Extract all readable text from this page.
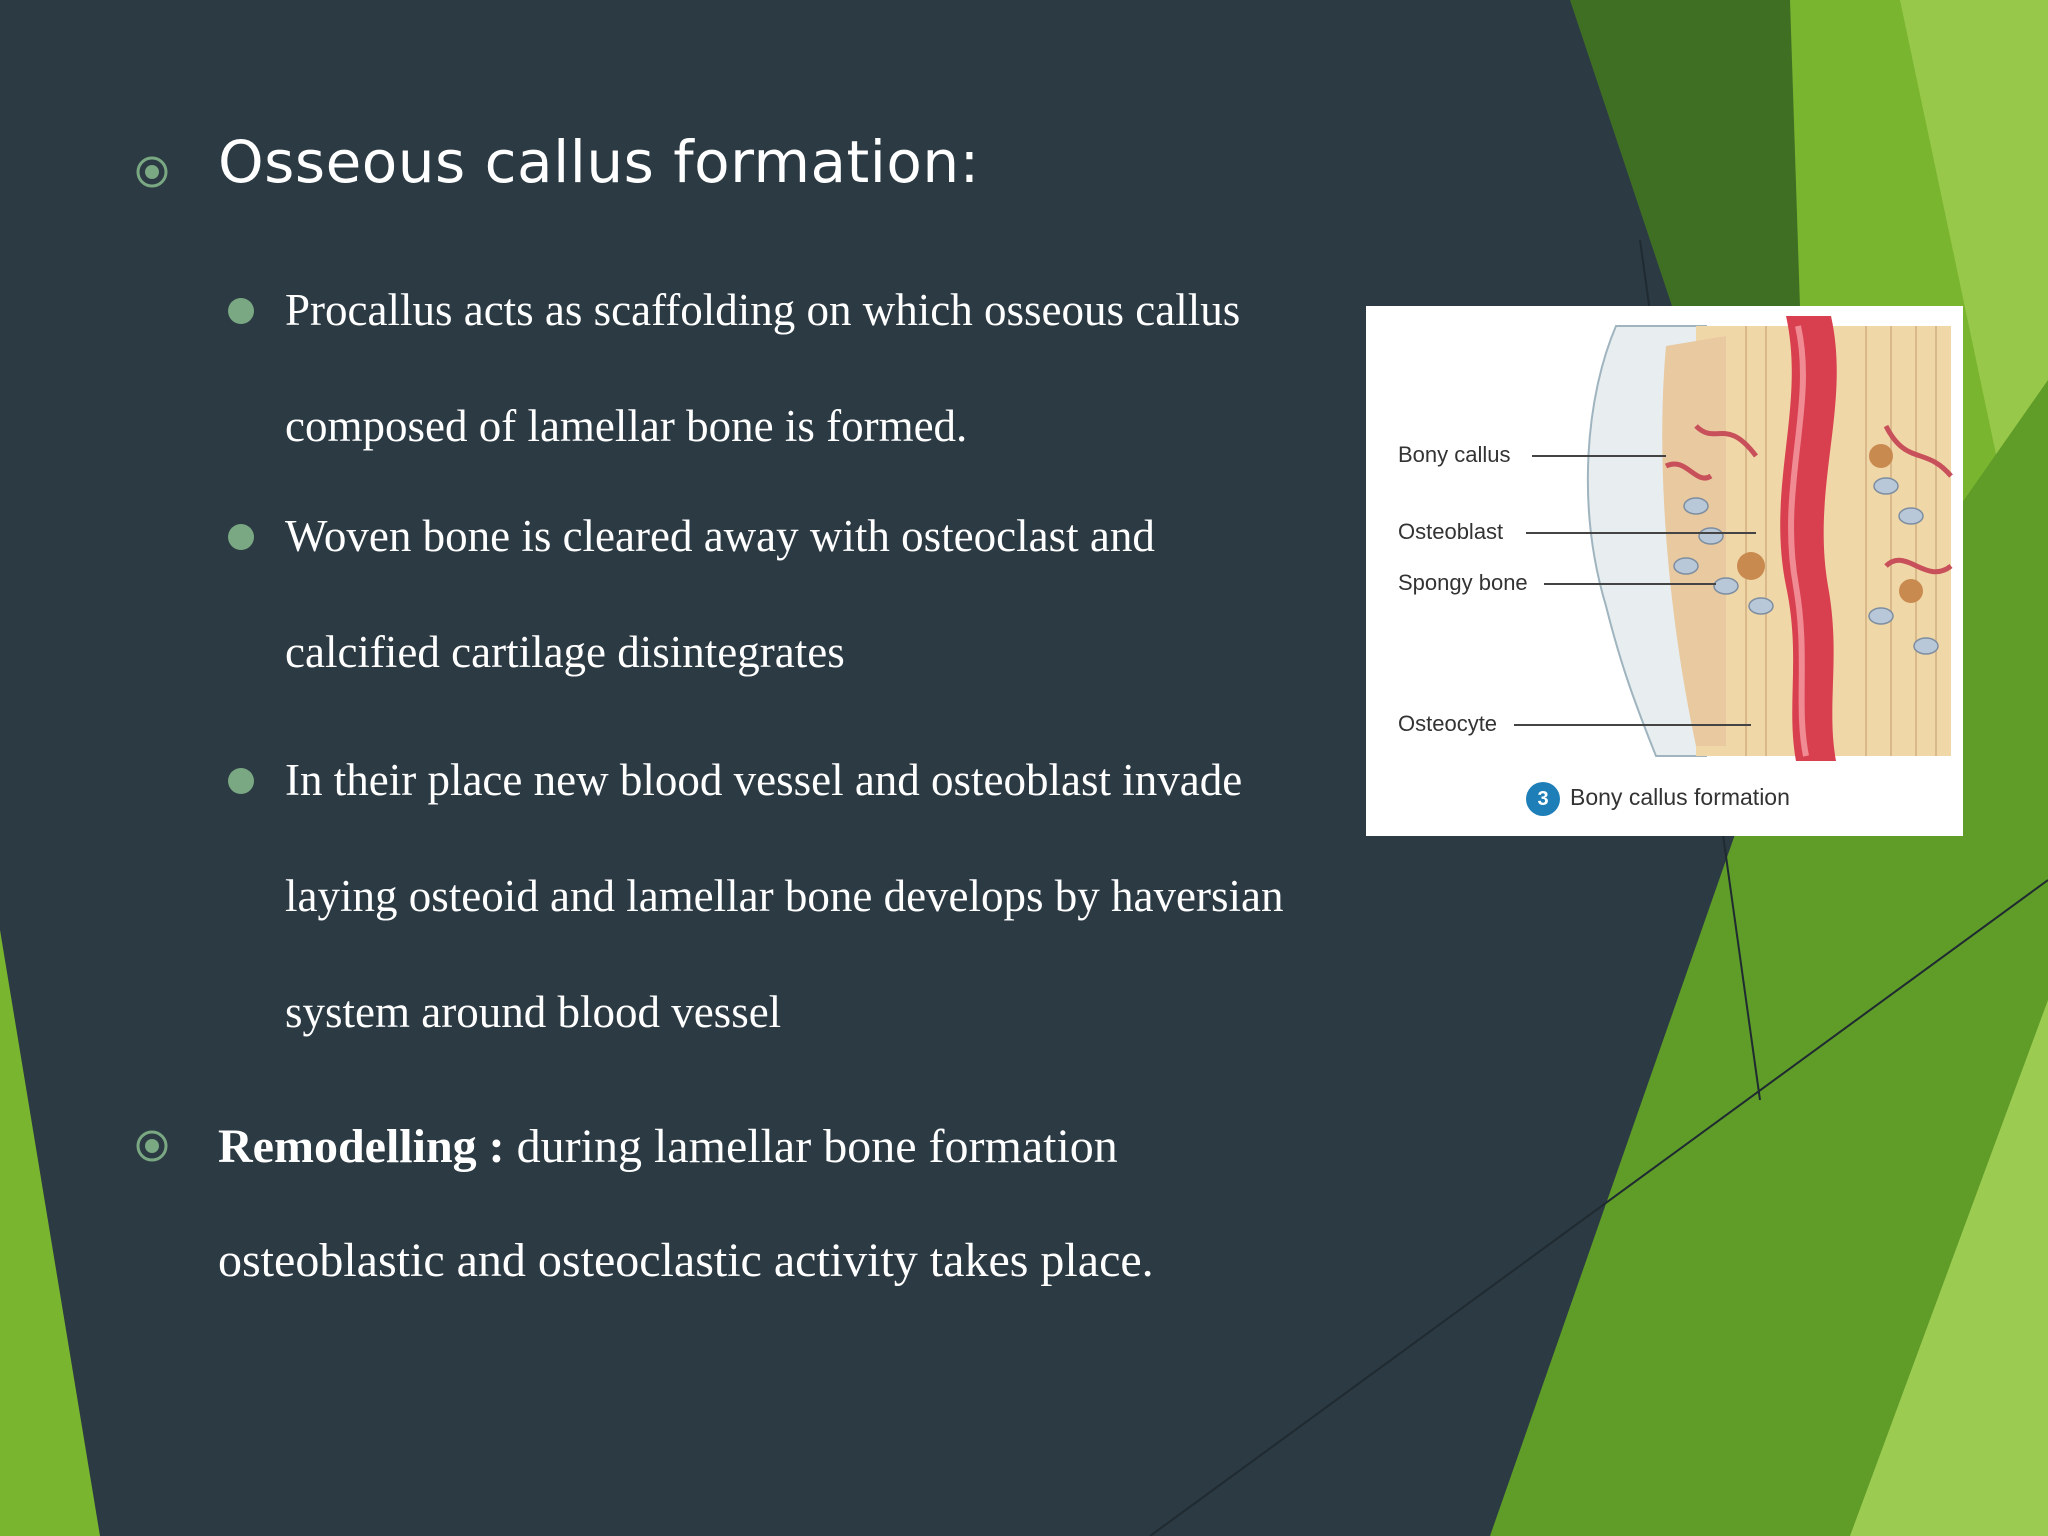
Osseous callus formation:
Procallus acts as scaffolding on which osseous callus composed of lamellar bone is formed.
Woven bone is cleared away with osteoclast and calcified cartilage disintegrates
In their place new blood vessel and osteoblast invade laying osteoid and lamellar bone develops by haversian system around blood vessel
Remodelling : during lamellar bone formation osteoblastic and osteoclastic activity takes place.
Bony callus
Osteoblast
Spongy bone
Osteocyte
3 Bony callus formation
